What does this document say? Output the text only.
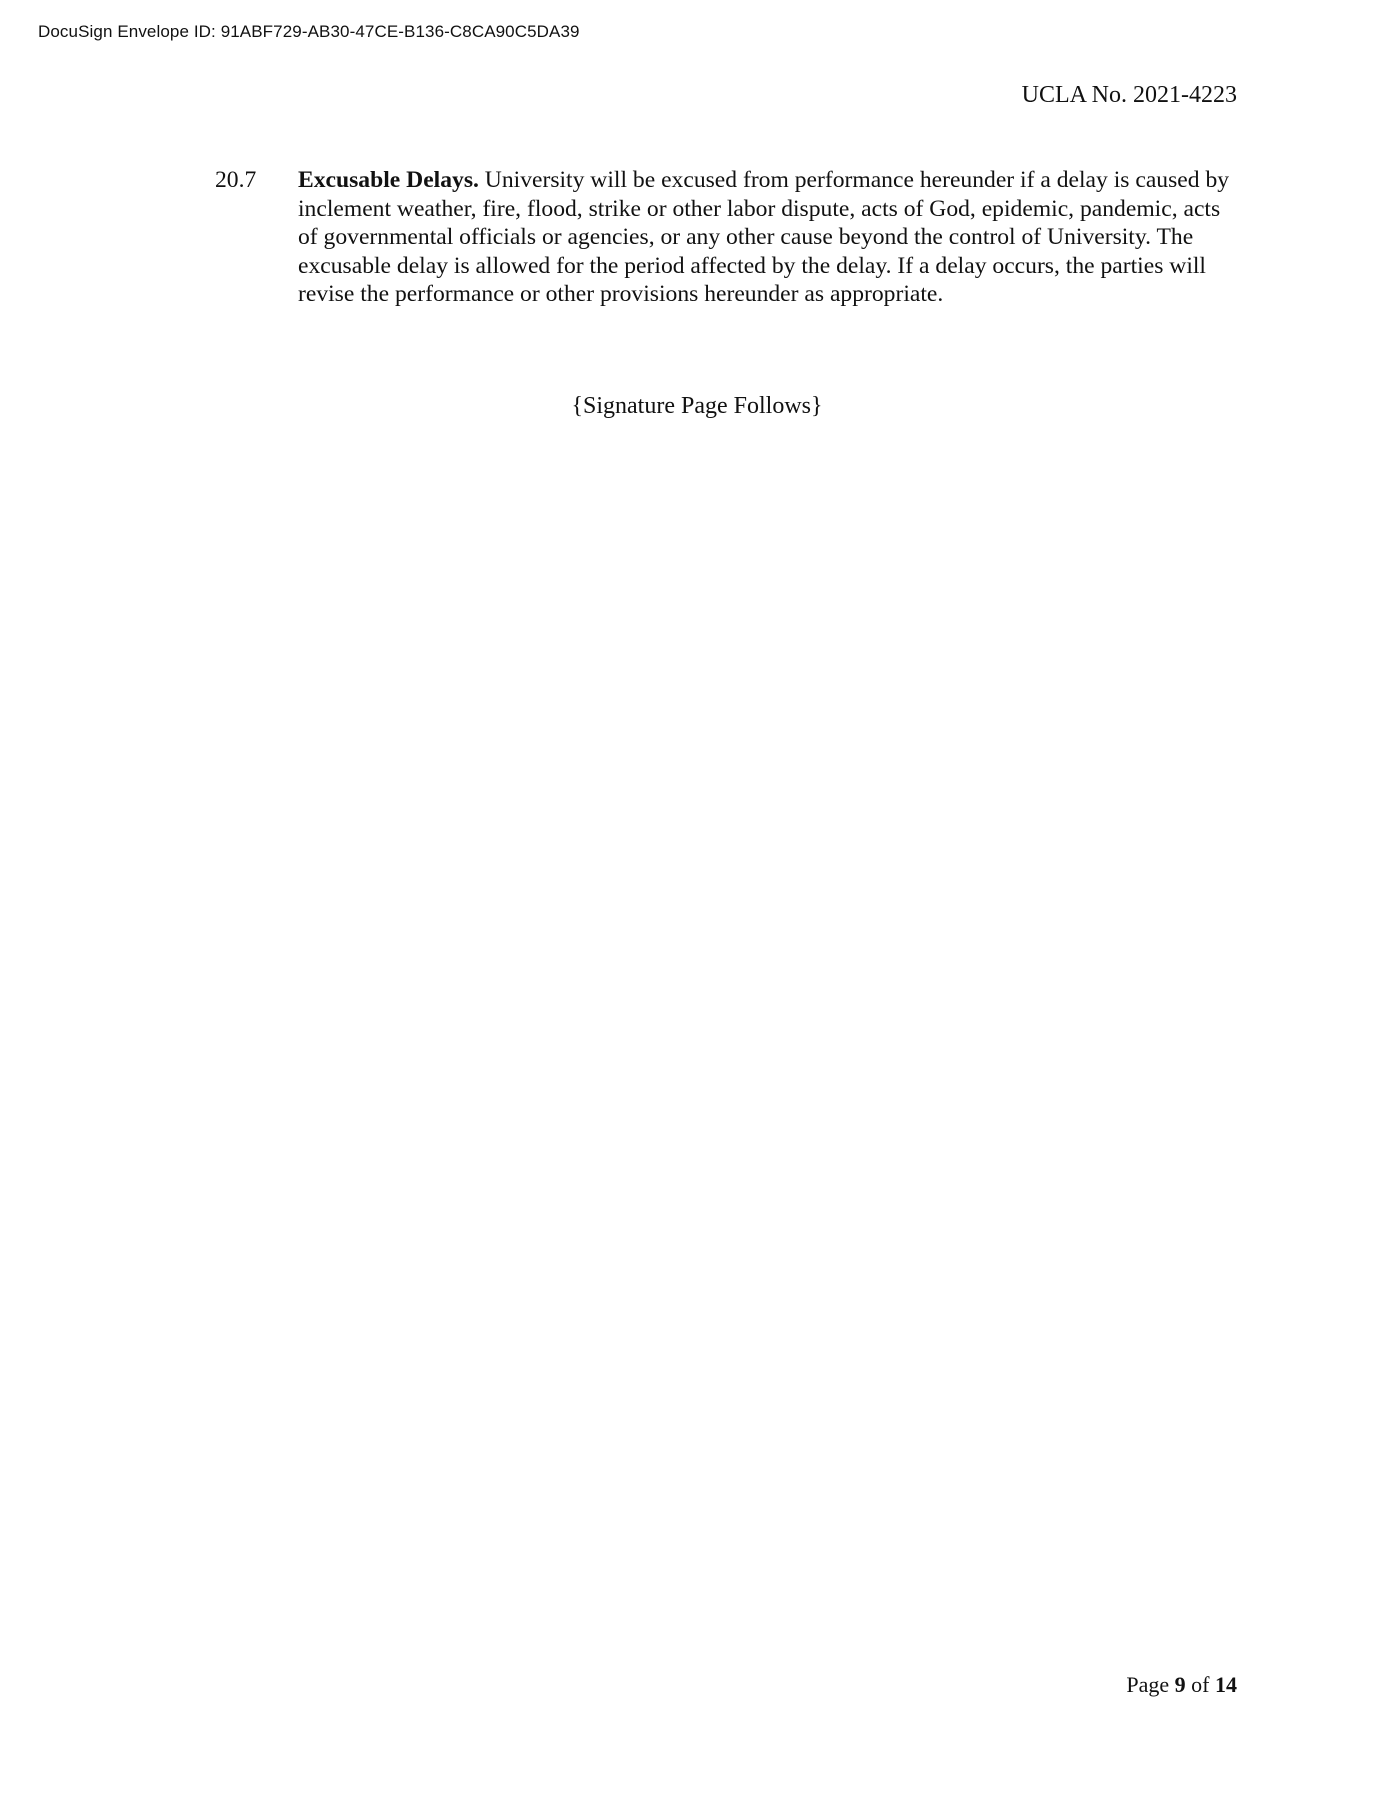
DocuSign Envelope ID: 91ABF729-AB30-47CE-B136-C8CA90C5DA39
UCLA No. 2021-4223
20.7	Excusable Delays. University will be excused from performance hereunder if a delay is caused by inclement weather, fire, flood, strike or other labor dispute, acts of God, epidemic, pandemic, acts of governmental officials or agencies, or any other cause beyond the control of University. The excusable delay is allowed for the period affected by the delay. If a delay occurs, the parties will revise the performance or other provisions hereunder as appropriate.
{Signature Page Follows}
Page 9 of 14
